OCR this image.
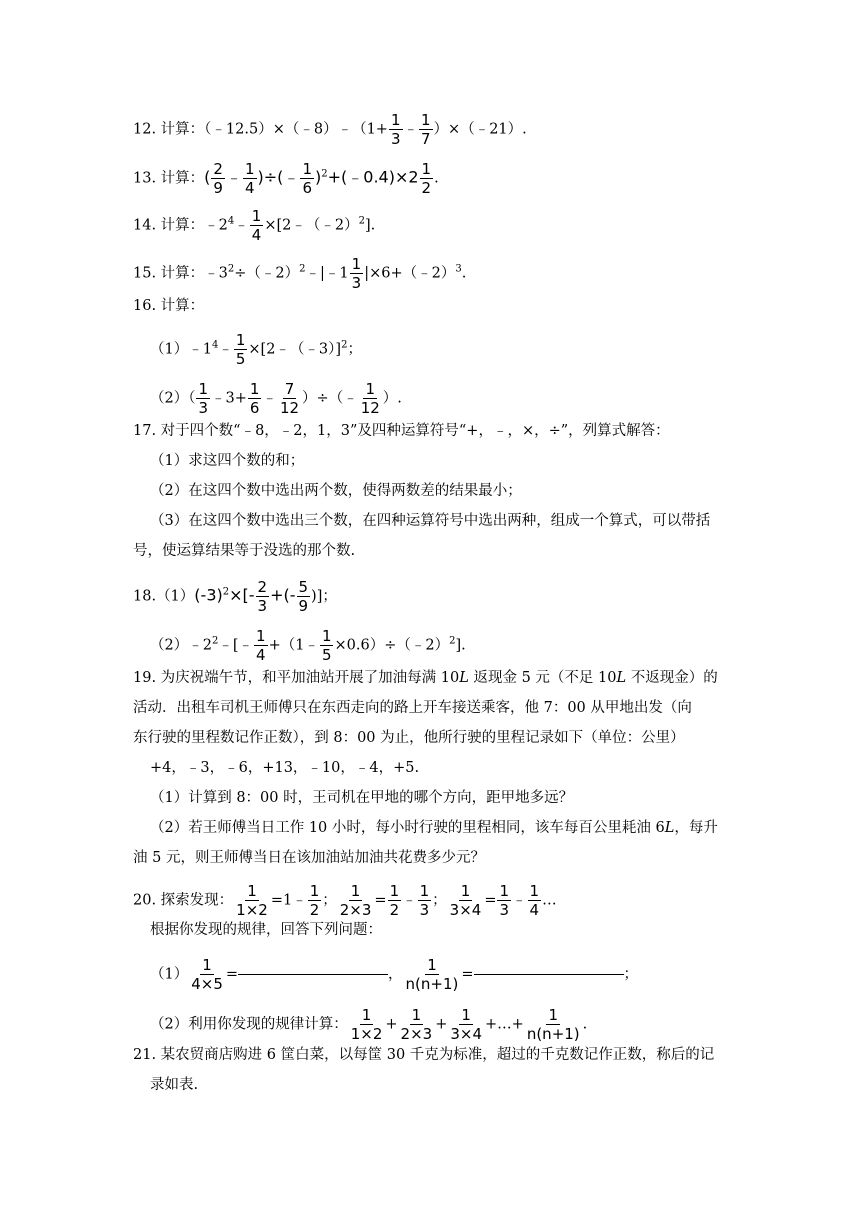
12. 计算：（﹣12.5）×（﹣8）﹣（1+ $\frac{1}{3}$ ﹣ $\frac{1}{7}$ ）×（﹣21）.
13. 计算：( $\frac{2}{9}$ ﹣ $\frac{1}{4}$ )÷(﹣ $\frac{1}{6}$ )$^2$+(﹣0.4)×2 $\frac{1}{2}$ .
14. 计算：$﹣2^4﹣ \frac{1}{4}$ ×[2﹣（﹣2）$^2$].
15. 计算：$﹣3^2\div(﹣2)^2﹣|﹣1 \frac{1}{3}$ |×6+（﹣2）$^3$.
16. 计算：
$(1)﹣1^4﹣ \frac{1}{5}$ ×[2﹣（﹣3）]$^2$；
$(2)( \frac{1}{3}$ ﹣3+ $\frac{1}{6}$ ﹣ $\frac{7}{12}$ ）÷（﹣ $\frac{1}{12}$ ）.
17. 对于四个数“﹣8，﹣2，1，3”及四种运算符号“+，﹣，×，÷”，列算式解答：
（1）求这四个数的和；
（2）在这四个数中选出两个数，使得两数差的结果最小；
（3）在这四个数中选出三个数，在四种运算符号中选出两种，组成一个算式，可以带括
号，使运算结果等于没选的那个数.
$18.(1)(-3)^2\times[- \frac{2}{3}$ +(- $\frac{5}{9}$ )]；
$(2)﹣2^2﹣[﹣ \frac{1}{4}$ +（1﹣ $\frac{1}{5}$ ×0.6）÷（﹣2）$^2$].
19. 为庆祝端午节，和平加油站开展了加油每满 10L 返现金 5 元（不足 10L 不返现金）的
活动．出租车司机王师傅只在东西走向的路上开车接送乘客，他 7：00 从甲地出发（向
东行驶的里程数记作正数），到 8：00 为止，他所行驶的里程记录如下（单位：公里）
+4，﹣3，﹣6，+13，﹣10，﹣4，+5.
（1）计算到 8：00 时，王司机在甲地的哪个方向，距甲地多远？
（2）若王师傅当日工作 10 小时，每小时行驶的里程相同，该车每百公里耗油 6L，每升
油 5 元，则王师傅当日在该加油站加油共花费多少元？
20. 探索发现： $\frac{1}{1\times 2}$ =1﹣ $\frac{1}{2}$ ； $\frac{1}{2\times 3} = \frac{1}{2}$ ﹣ $\frac{1}{3}$ ； $\frac{1}{3\times 4} = \frac{1}{3}$ ﹣ $\frac{1}{4}$ …
根据你发现的规律，回答下列问题：
$(1) \frac{1}{4\times 5}$ =	， $\frac{1}{n(n+1)}$ =	；
（2）利用你发现的规律计算： $\frac{1}{1\times 2} + \frac{1}{2\times 3} + \frac{1}{3\times 4}$ +…+ $\frac{1}{n(n+1)}$ .
21. 某农贸商店购进 6 筐白菜，以每筐 30 千克为标准，超过的千克数记作正数，称后的记
录如表.
